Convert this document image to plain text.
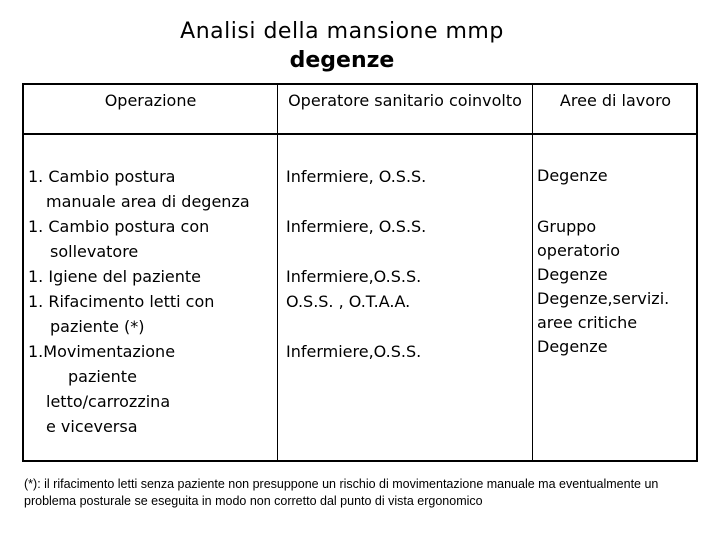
Analisi della mansione mmp
degenze
Operazione	Operatore sanitario coinvolto	Aree di lavoro
1. Cambio postura
manuale area di degenza
1. Cambio postura con
sollevatore
1. Igiene del paziente
1. Rifacimento letti con
paziente (*)
1.Movimentazione
paziente
letto/carrozzina
e viceversa
Infermiere, O.S.S.
Infermiere, O.S.S.
Infermiere,O.S.S.
O.S.S. , O.T.A.A.
Infermiere,O.S.S.
Degenze
Gruppo
operatorio
Degenze
Degenze,servizi.
aree critiche
Degenze
(*): il rifacimento letti senza paziente non presuppone un rischio di movimentazione manuale ma eventualmente un problema posturale se eseguita in modo non corretto dal punto di vista ergonomico
